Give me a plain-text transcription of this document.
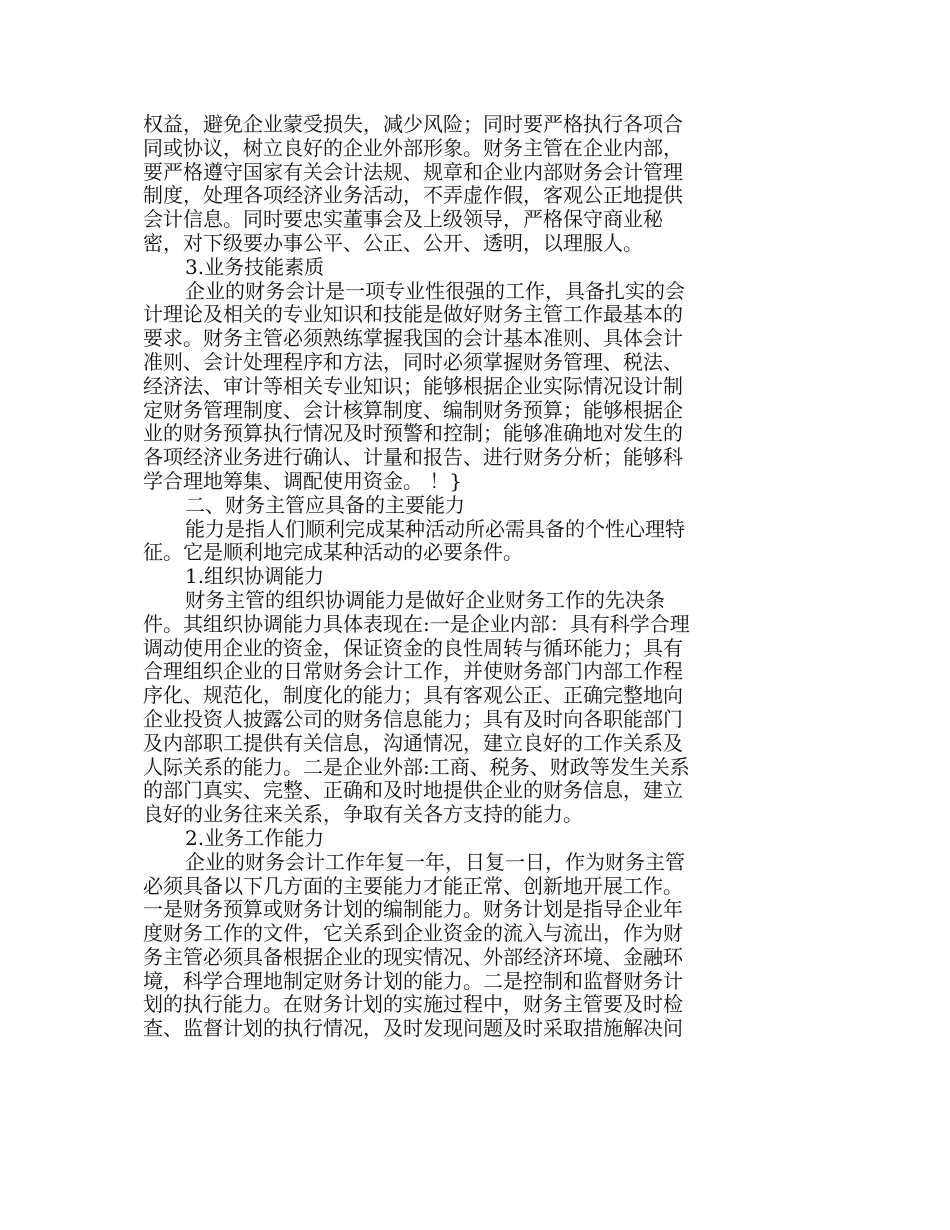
权益，避免企业蒙受损失，减少风险；同时要严格执行各项合
同或协议，树立良好的企业外部形象。财务主管在企业内部，
要严格遵守国家有关会计法规、规章和企业内部财务会计管理
制度，处理各项经济业务活动，不弄虚作假，客观公正地提供
会计信息。同时要忠实董事会及上级领导，严格保守商业秘
密，对下级要办事公平、公正、公开、透明，以理服人。
3.业务技能素质
企业的财务会计是一项专业性很强的工作，具备扎实的会
计理论及相关的专业知识和技能是做好财务主管工作最基本的
要求。财务主管必须熟练掌握我国的会计基本准则、具体会计
准则、会计处理程序和方法，同时必须掌握财务管理、税法、
经济法、审计等相关专业知识；能够根据企业实际情况设计制
定财务管理制度、会计核算制度、编制财务预算；能够根据企
业的财务预算执行情况及时预警和控制；能够准确地对发生的
各项经济业务进行确认、计量和报告、进行财务分析；能够科
学合理地筹集、调配使用资金。 ！}
二、财务主管应具备的主要能力
能力是指人们顺利完成某种活动所必需具备的个性心理特
征。它是顺利地完成某种活动的必要条件。
1.组织协调能力
财务主管的组织协调能力是做好企业财务工作的先决条
件。其组织协调能力具体表现在:一是企业内部：具有科学合理
调动使用企业的资金，保证资金的良性周转与循环能力；具有
合理组织企业的日常财务会计工作，并使财务部门内部工作程
序化、规范化，制度化的能力；具有客观公正、正确完整地向
企业投资人披露公司的财务信息能力；具有及时向各职能部门
及内部职工提供有关信息，沟通情况，建立良好的工作关系及
人际关系的能力。二是企业外部:工商、税务、财政等发生关系
的部门真实、完整、正确和及时地提供企业的财务信息，建立
良好的业务往来关系，争取有关各方支持的能力。
2.业务工作能力
企业的财务会计工作年复一年，日复一日，作为财务主管
必须具备以下几方面的主要能力才能正常、创新地开展工作。
一是财务预算或财务计划的编制能力。财务计划是指导企业年
度财务工作的文件，它关系到企业资金的流入与流出，作为财
务主管必须具备根据企业的现实情况、外部经济环境、金融环
境，科学合理地制定财务计划的能力。二是控制和监督财务计
划的执行能力。在财务计划的实施过程中，财务主管要及时检
查、监督计划的执行情况，及时发现问题及时采取措施解决问
